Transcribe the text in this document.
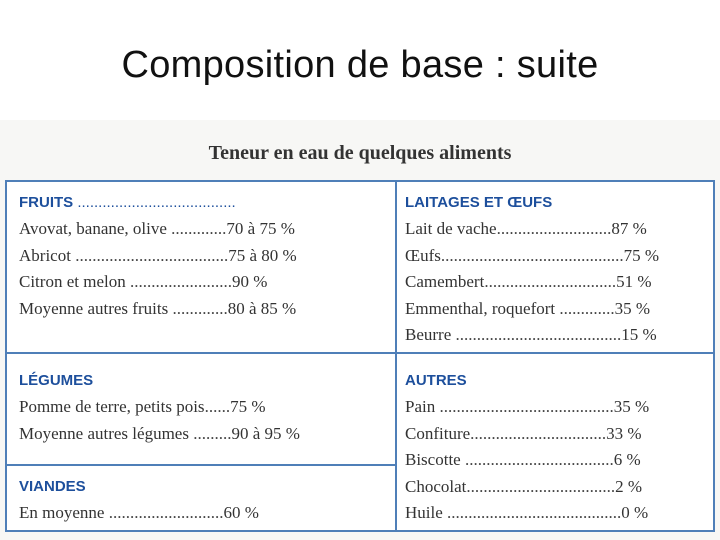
Composition de base : suite
Teneur en eau de quelques aliments
FRUITS ......................................
Avovat, banane, olive .............70 à 75 %
Abricot ....................................75 à 80 %
Citron et melon ........................90 %
Moyenne autres fruits .............80 à 85 %
LÉGUMES
Pomme de terre, petits pois......75 %
Moyenne autres légumes .........90 à 95 %
VIANDES
En moyenne ...........................60 %
LAITAGES ET ŒUFS
Lait de vache...........................87 %
Œufs...........................................75 %
Camembert...............................51 %
Emmenthal, roquefort .............35 %
Beurre .......................................15 %
AUTRES
Pain .........................................35 %
Confiture................................33 %
Biscotte ...................................6 %
Chocolat...................................2 %
Huile .........................................0 %
